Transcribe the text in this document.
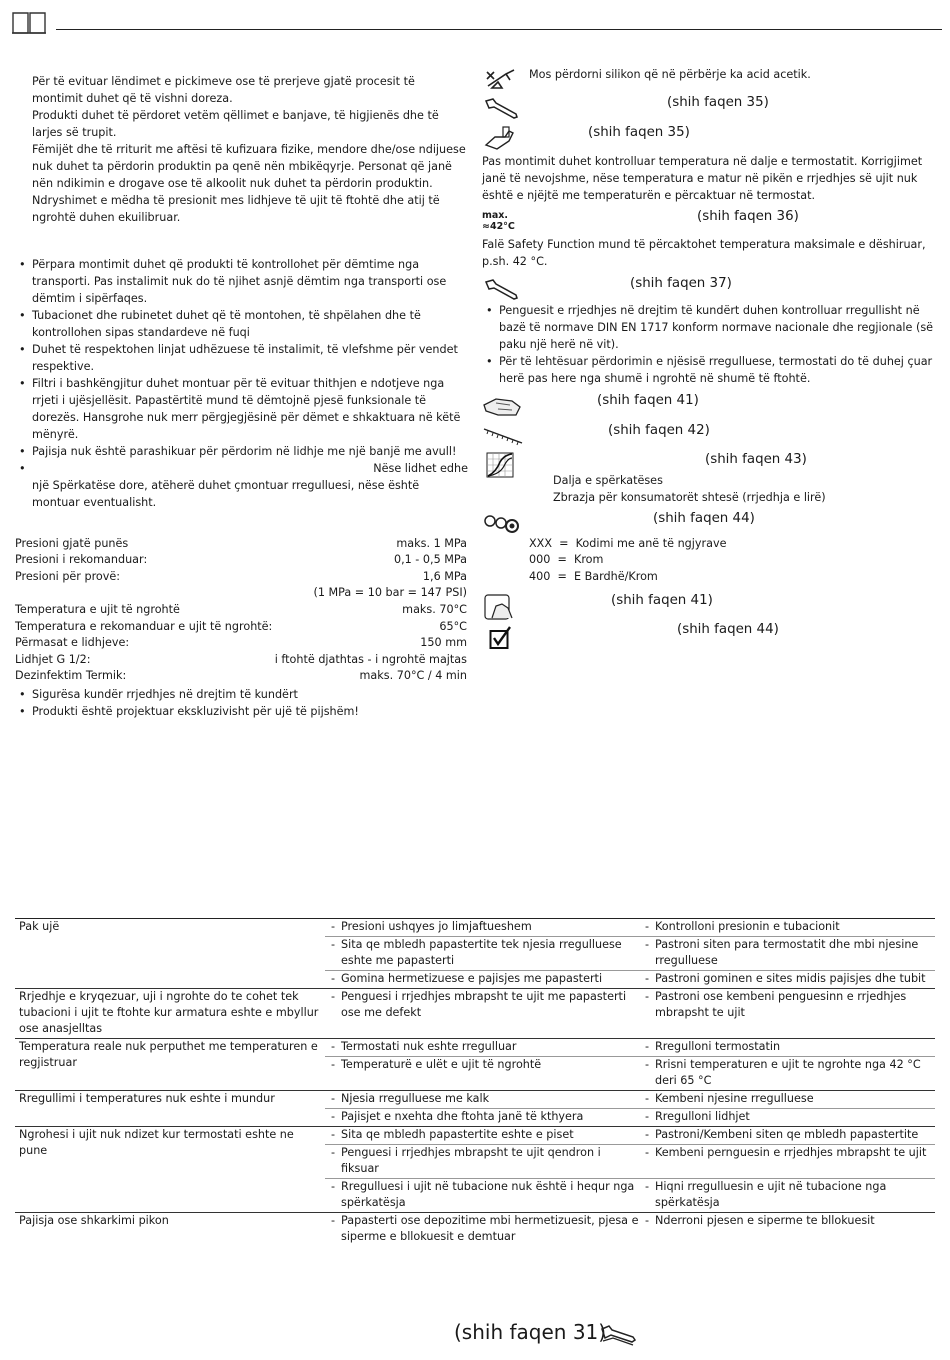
Për të evituar lëndimet e pickimeve ose të prerjeve gjatë procesit të montimit duhet që të vishni doreza.

Produkti duhet të përdoret vetëm qëllimet e banjave, të higjienës dhe të larjes së trupit.

Fëmijët dhe të rriturit me aftësi të kufizuara fizike, mendore dhe/ose ndijuese nuk duhet ta përdorin produktin pa qenë nën mbikëqyrje. Personat që janë nën ndikimin e drogave ose të alkoolit nuk duhet ta përdorin produktin.

Ndryshimet e mëdha të presionit mes lidhjeve të ujit të ftohtë dhe atij të ngrohtë duhen ekuilibruar.

• Përpara montimit duhet që produkti të kontrollohet për dëmtime nga transporti. Pas instalimit nuk do të njihet asnjë dëmtim nga transporti ose dëmtim i sipërfaqes.
• Tubacionet dhe rubinetet duhet që të montohen, të shpëlahen dhe të kontrollohen sipas standardeve në fuqi
• Duhet të respektohen linjat udhëzuese të instalimit, të vlefshme për vendet respektive.
• Filtri i bashkëngjitur duhet montuar për të evituar thithjen e ndotjeve nga rrjeti i ujësjellësit. Papastërtitë mund të dëmtojnë pjesë funksionale të dorezës. Hansgrohe nuk merr përgjegjësinë për dëmet e shkaktuara në këtë mënyrë.
• Pajisja nuk është parashikuar për përdorim në lidhje me një banjë me avull!
• Nëse lidhet edhe
një Spërkatëse dore, atëherë duhet çmontuar rregulluesi, nëse është montuar eventualisht.
Presioni gjatë punës	maks. 1 MPa
Presioni i rekomanduar:	0,1 - 0,5 MPa
Presioni për provë:	1,6 MPa
(1 MPa = 10 bar = 147 PSI)
Temperatura e ujit të ngrohtë	maks. 70°C
Temperatura e rekomanduar e ujit të ngrohtë:	65°C
Përmasat e lidhjeve:	150 mm
Lidhjet G 1/2:	i ftohtë djathtas - i ngrohtë majtas
Dezinfektim Termik:	maks. 70°C / 4 min
• Sigurësa kundër rrjedhjes në drejtim të kundërt
• Produkti është projektuar ekskluzivisht për ujë të pijshëm!
Mos përdorni silikon që në përbërje ka acid acetik.
(shih faqen 35)
(shih faqen 35)

Pas montimit duhet kontrolluar temperatura në dalje e termostatit. Korrigjimet janë të nevojshme, nëse temperatura e matur në pikën e rrjedhjes së ujit nuk është e njëjtë me temperaturën e përcaktuar në termostat.

max.
≈42°C
(shih faqen 36)

Falë Safety Function mund të përcaktohet temperatura maksimale e dëshiruar, p.sh. 42 °C.

(shih faqen 37)
• Penguesit e rrjedhjes në drejtim të kundërt duhen kontrolluar rregullisht në bazë të normave DIN EN 1717 konform normave nacionale dhe regjionale (së paku një herë në vit).
• Për të lehtësuar përdorimin e njësisë rregulluese, termostati do të duhej çuar herë pas here nga shumë i ngrohtë në shumë të ftohtë.
(shih faqen 41)
(shih faqen 42)
(shih faqen 43)
Dalja e spërkatëses
Zbrazja për konsumatorët shtesë (rrjedhja e lirë)
(shih faqen 44)
XXX = Kodimi me anë të ngjyrave
000 = Krom
400 = E Bardhë/Krom
(shih faqen 41)
(shih faqen 44)
Pak ujë	- Presioni ushqyes jo limjaftueshem	- Kontrolloni presionin e tubacionit

	- Sita qe mbledh papastertite tek njesia rregulluese eshte me papasterti	- Pastroni siten para termostatit dhe mbi njesine rregulluese

	- Gomina hermetizuese e pajisjes me papasterti	- Pastroni gominen e sites midis pajisjes dhe tubit

Rrjedhje e kryqezuar, uji i ngrohte do te cohet tek tubacioni i ujit te ftohte kur armatura eshte e mbyllur ose anasjelltas	- Penguesi i rrjedhjes mbrapsht te ujit me papasterti ose me defekt	- Pastroni ose kembeni penguesinn e rrjedhjes mbrapsht te ujit

Temperatura reale nuk perputhet me temperaturen e regjistruar	- Termostati nuk eshte rregulluar	- Rregulloni termostatin

	- Temperaturë e ulët e ujit të ngrohtë	- Rrisni temperaturen e ujit te ngrohte nga 42 °C deri 65 °C

Rregullimi i temperatures nuk eshte i mundur	- Njesia rregulluese me kalk	- Kembeni njesine rregulluese

	- Pajisjet e nxehta dhe ftohta janë të kthyera	- Rregulloni lidhjet

Ngrohesi i ujit nuk ndizet kur termostati eshte ne pune	- Sita qe mbledh papastertite eshte e piset	- Pastroni/Kembeni siten qe mbledh papastertite

	- Penguesi i rrjedhjes mbrapsht te ujit qendron i fiksuar	- Kembeni pernguesin e rrjedhjes mbrapsht te ujit

	- Rregulluesi i ujit në tubacione nuk është i hequr nga spërkatësja	- Hiqni rregulluesin e ujit në tubacione nga spërkatësja

Pajisja ose shkarkimi pikon	- Papasterti ose depozitime mbi hermetizuesit, pjesa e siperme e bllokuesit e demtuar	- Nderroni pjesen e siperme te bllokuesit
(shih faqen 31)
